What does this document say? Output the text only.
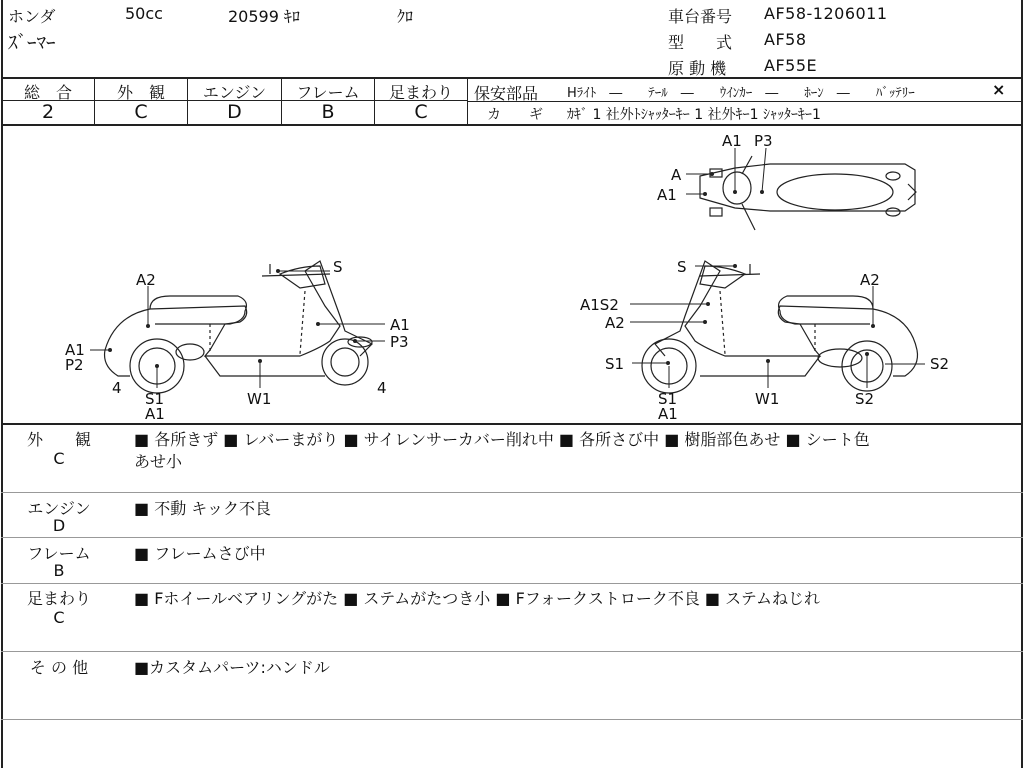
ホンダ	50cc	20599 ｷﾛ	ｸﾛ
ｽﾞｰﾏｰ
車台番号 AF58-1206011
型　　式 AF58
原 動 機 AF55E
総　合	外　観	エンジン	フレーム	足まわり
2	C	D	B	C
保安部品 Hﾗｲﾄ　―　　ﾃｰﾙ　―　　ｳｲﾝｶｰ　―　　ﾎｰﾝ　―　　ﾊﾞｯﾃﾘｰ	×
カ　　ギ ｶｷﾞ 1 社外ﾄｼｬｯﾀｰｷｰ 1 社外ｷｰ1 ｼｬｯﾀｰｷｰ1
A1 P3
A
A1
S
A2
A1
P3
A1
P2
4
S1
A1
W1
4
S
A2
A1S2
A2
S1
S1
A1
W1
S2
S2
外　　観
C
■ 各所きず ■ レバーまがり ■ サイレンサーカバー削れ中 ■ 各所さび中 ■ 樹脂部色あせ ■ シート色
あせ小
エンジン
D
■ 不動 キック不良
フレーム
B
■ フレームさび中
足まわり
C
■ Fホイールベアリングがた ■ ステムがたつき小 ■ Fフォークストローク不良 ■ ステムねじれ
そ の 他	■カスタムパーツ:ハンドル
